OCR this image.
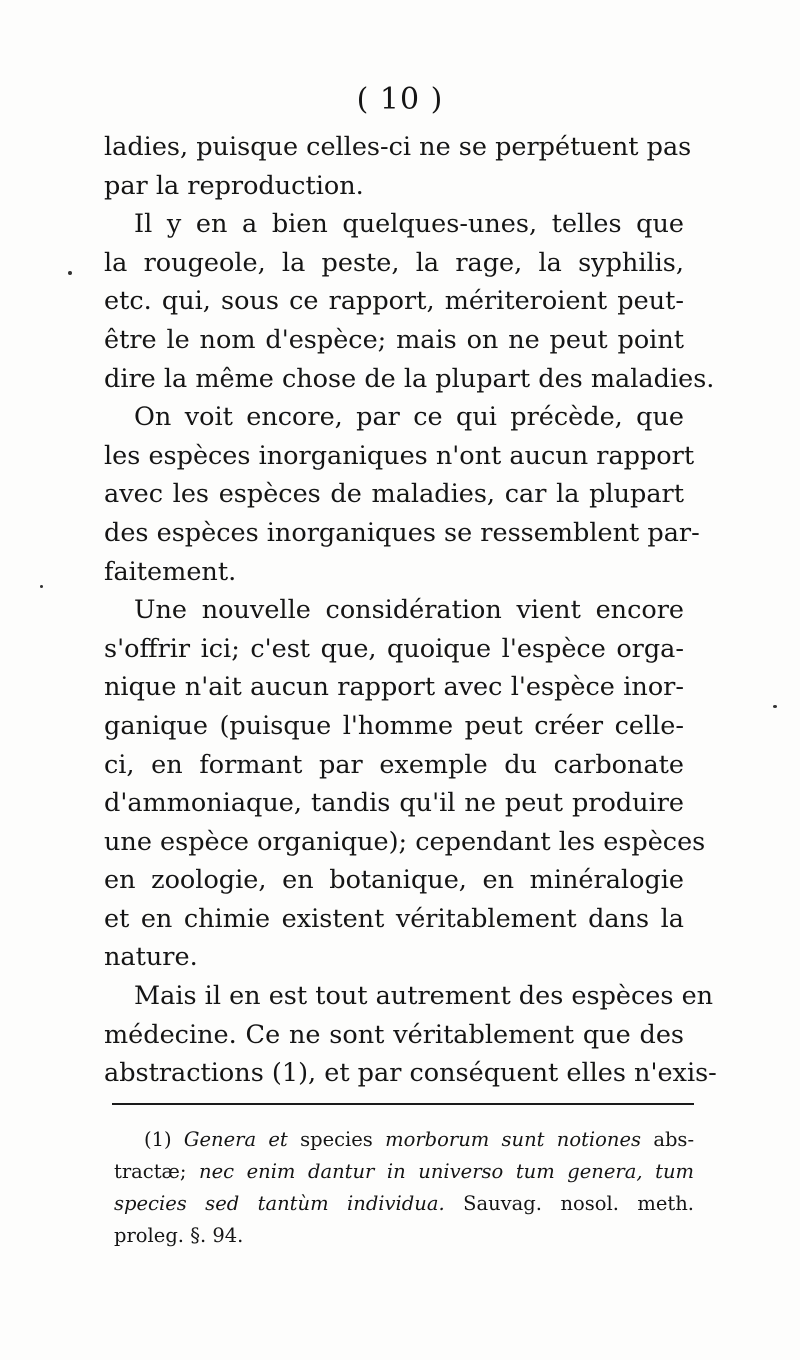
( 10 )
ladies, puisque celles-ci ne se perpétuent pas
par la reproduction.
Il y en a bien quelques-unes, telles que
la rougeole, la peste, la rage, la syphilis,
etc. qui, sous ce rapport, mériteroient peut-
être le nom d'espèce; mais on ne peut point
dire la même chose de la plupart des maladies.
On voit encore, par ce qui précède, que
les espèces inorganiques n'ont aucun rapport
avec les espèces de maladies, car la plupart
des espèces inorganiques se ressemblent par-
faitement.
Une nouvelle considération vient encore
s'offrir ici; c'est que, quoique l'espèce orga-
nique n'ait aucun rapport avec l'espèce inor-
ganique (puisque l'homme peut créer celle-
ci, en formant par exemple du carbonate
d'ammoniaque, tandis qu'il ne peut produire
une espèce organique); cependant les espèces
en zoologie, en botanique, en minéralogie
et en chimie existent véritablement dans la
nature.
Mais il en est tout autrement des espèces en
médecine. Ce ne sont véritablement que des
abstractions (1), et par conséquent elles n'exis-
(1) Genera et species morborum sunt notiones abs-
tractæ; nec enim dantur in universo tum genera, tum
species sed tantùm individua. Sauvag. nosol. meth.
proleg. §. 94.
